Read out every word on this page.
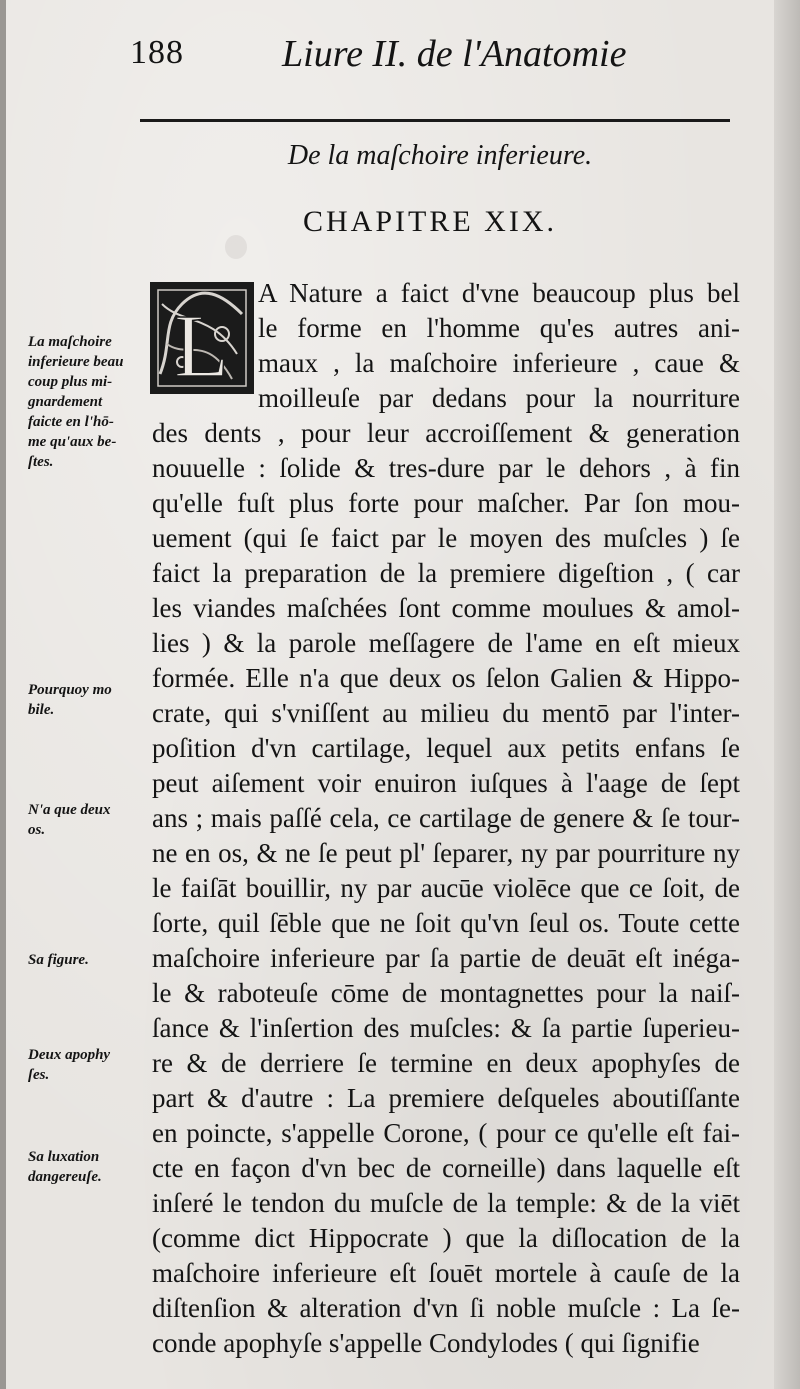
188	Liure II. de l'Anatomie
De la maſchoire inferieure.
CHAPITRE XIX.
L
A Nature a faict d'vne beaucoup plus bel
le forme en l'homme qu'es autres ani-
maux , la maſchoire inferieure , caue &
moilleuſe par dedans pour la nourriture
des dents , pour leur accroiſſement & generation
nouuelle : ſolide & tres-dure par le dehors , à fin
qu'elle fuſt plus forte pour maſcher. Par ſon mou-
uement (qui ſe faict par le moyen des muſcles ) ſe
faict la preparation de la premiere digeſtion , ( car
les viandes maſchées ſont comme moulues & amol-
lies ) & la parole meſſagere de l'ame en eſt mieux
formée. Elle n'a que deux os ſelon Galien & Hippo-
crate, qui s'vniſſent au milieu du mentō par l'inter-
poſition d'vn cartilage, lequel aux petits enfans ſe
peut aiſement voir enuiron iuſques à l'aage de ſept
ans ; mais paſſé cela, ce cartilage de genere & ſe tour-
ne en os, & ne ſe peut pl' ſeparer, ny par pourriture ny
le faiſāt bouillir, ny par aucūe violēce que ce ſoit, de
ſorte, quil ſēble que ne ſoit qu'vn ſeul os. Toute cette
maſchoire inferieure par ſa partie de deuāt eſt inéga-
le & raboteuſe cōme de montagnettes pour la naiſ-
ſance & l'inſertion des muſcles: & ſa partie ſuperieu-
re & de derriere ſe termine en deux apophyſes de
part & d'autre : La premiere deſqueles aboutiſſante
en poincte, s'appelle Corone, ( pour ce qu'elle eſt fai-
cte en façon d'vn bec de corneille) dans laquelle eſt
inſeré le tendon du muſcle de la temple: & de la viēt
(comme dict Hippocrate ) que la diſlocation de la
maſchoire inferieure eſt ſouēt mortele à cauſe de la
diſtenſion & alteration d'vn ſi noble muſcle : La ſe-
conde apophyſe s'appelle Condylodes ( qui ſignifie
La maſchoire
inferieure beau
coup plus mi-
gnardement
faicte en l'hō-
me qu'aux be-
ſtes.
Pourquoy mo
bile.
N'a que deux
os.
Sa figure.
Deux apophy
ſes.
Sa luxation
dangereuſe.
